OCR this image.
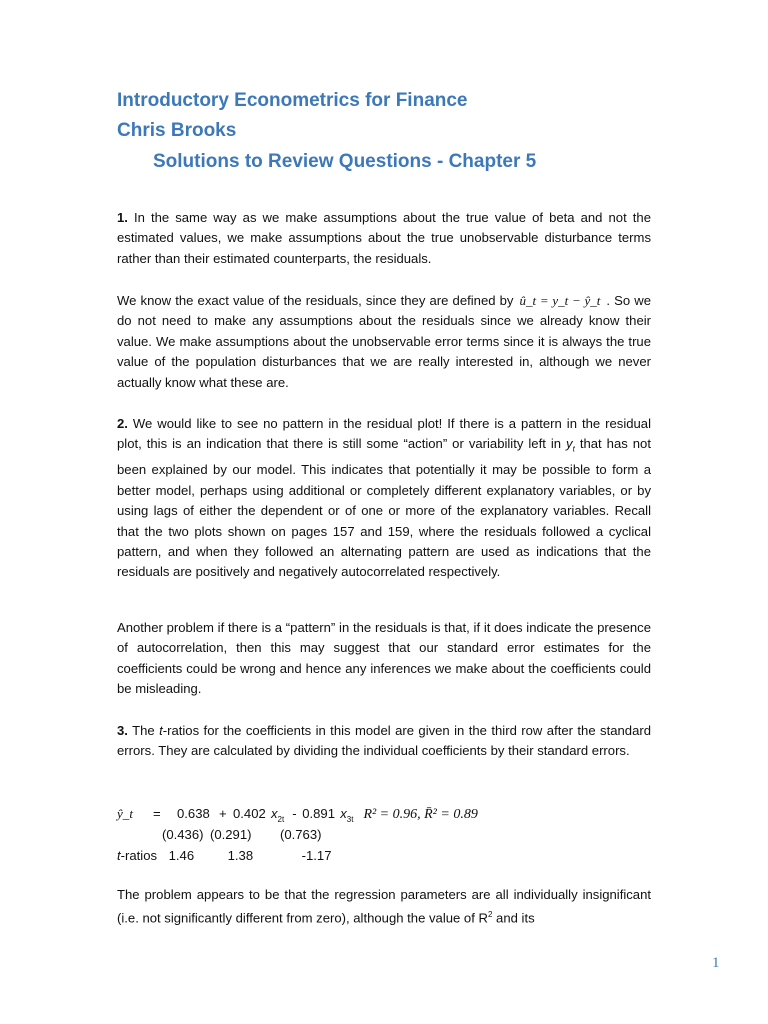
Introductory Econometrics for Finance
Chris Brooks
Solutions to Review Questions - Chapter 5

1. In the same way as we make assumptions about the true value of beta and not the estimated values, we make assumptions about the true unobservable disturbance terms rather than their estimated counterparts, the residuals.

We know the exact value of the residuals, since they are defined by û_t = y_t − ŷ_t . So we do not need to make any assumptions about the residuals since we already know their value. We make assumptions about the unobservable error terms since it is always the true value of the population disturbances that we are really interested in, although we never actually know what these are.

2. We would like to see no pattern in the residual plot! If there is a pattern in the residual plot, this is an indication that there is still some “action” or variability left in $y_t$ that has not been explained by our model. This indicates that potentially it may be possible to form a better model, perhaps using additional or completely different explanatory variables, or by using lags of either the dependent or of one or more of the explanatory variables. Recall that the two plots shown on pages 157 and 159, where the residuals followed a cyclical pattern, and when they followed an alternating pattern are used as indications that the residuals are positively and negatively autocorrelated respectively.

Another problem if there is a “pattern” in the residuals is that, if it does indicate the presence of autocorrelation, then this may suggest that our standard error estimates for the coefficients could be wrong and hence any inferences we make about the coefficients could be misleading.

3. The t-ratios for the coefficients in this model are given in the third row after the standard errors. They are calculated by dividing the individual coefficients by their standard errors.

ŷ_t = 0.638 + 0.402 $x_{2t} - 0.891$ $x_{3t}$ R² = 0.96, R̄² = 0.89
(0.436) (0.291) (0.763)
t-ratios 1.46	1.38	-1.17

The problem appears to be that the regression parameters are all individually insignificant (i.e. not significantly different from zero), although the value of $R^2$ and its

1
